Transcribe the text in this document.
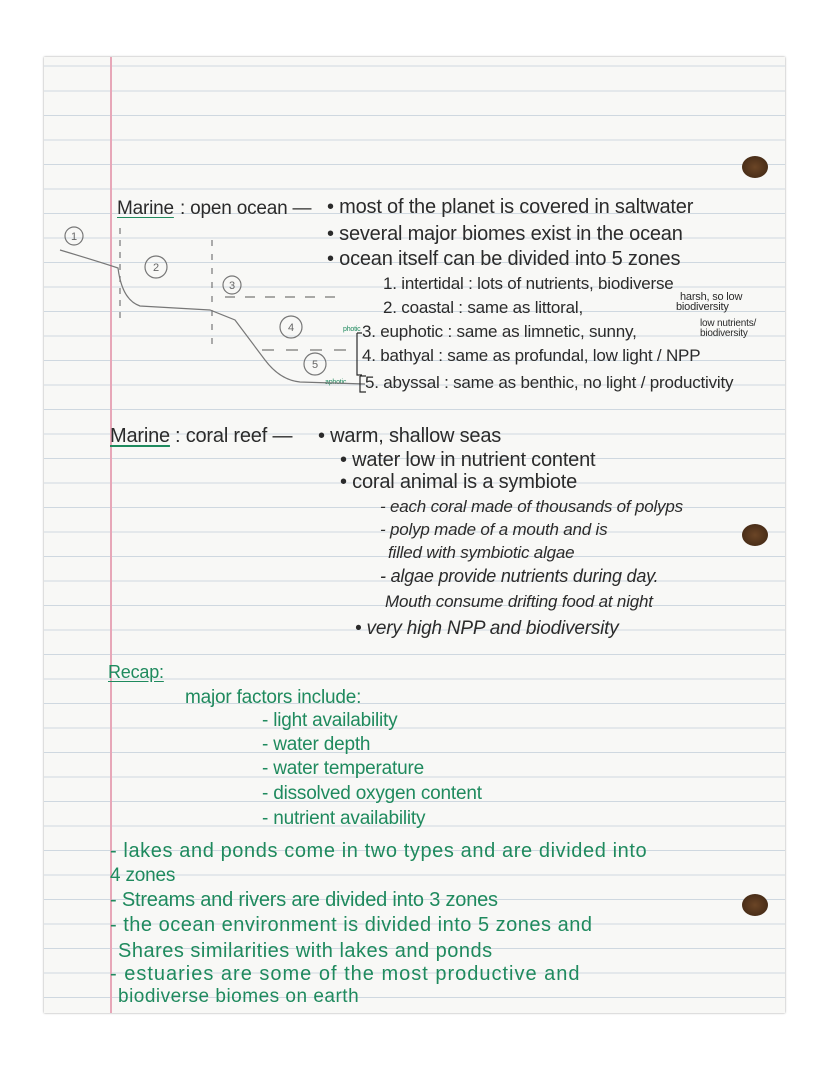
Marine : open ocean — • most of the planet is covered in saltwater
• several major biomes exist in the ocean
• ocean itself can be divided into 5 zones
1. intertidal : lots of nutrients, biodiverse
2. coastal : same as littoral,
harsh, so low
biodiversity
photic 3. euphotic : same as limnetic, sunny,	low nutrients/
biodiversity
4. bathyal : same as profundal, low light / NPP
aphotic 5. abyssal : same as benthic, no light / productivity
1
2
3
4
5
Marine : coral reef — • warm, shallow seas
• water low in nutrient content
• coral animal is a symbiote
- each coral made of thousands of polyps
- polyp made of a mouth and is
filled with symbiotic algae
- algae provide nutrients during day.
Mouth consume drifting food at night
• very high NPP and biodiversity
Recap:
major factors include:
- light availability
- water depth
- water temperature
- dissolved oxygen content
- nutrient availability
- lakes and ponds come in two types and are divided into
4 zones
- Streams and rivers are divided into 3 zones
- the ocean environment is divided into 5 zones and
Shares similarities with lakes and ponds
- estuaries are some of the most productive and
biodiverse biomes on earth
